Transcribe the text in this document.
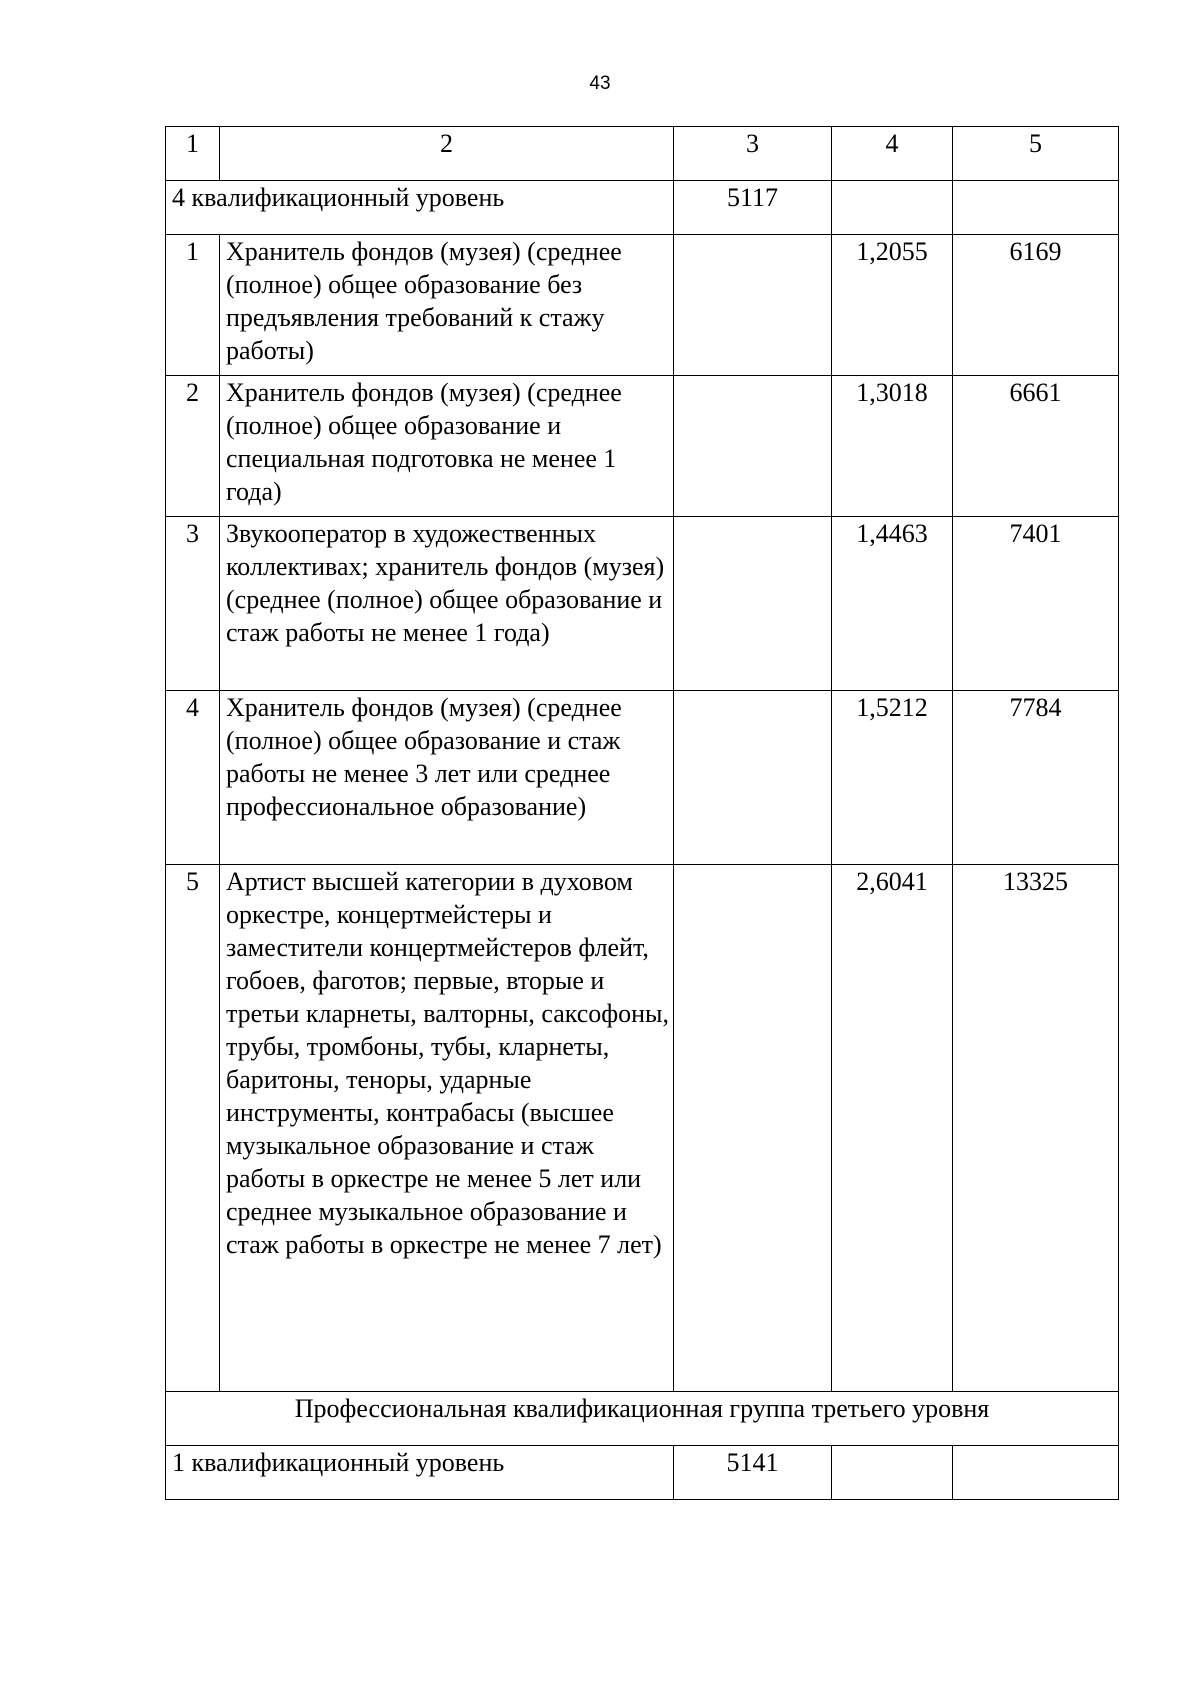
43
1	2	3	4	5
4 квалификационный уровень		5117		
1	Хранитель фондов (музея) (среднее (полное) общее образование без предъявления требований к стажу работы)		1,2055	6169
2	Хранитель фондов (музея) (среднее (полное) общее образование и специальная подготовка не менее 1 года)		1,3018	6661
3	Звукооператор в художественных коллективах; хранитель фондов (музея) (среднее (полное) общее образование и стаж работы не менее 1 года)		1,4463	7401
4	Хранитель фондов (музея) (среднее (полное) общее образование и стаж работы не менее 3 лет или среднее профессиональное образование)		1,5212	7784
5	Артист высшей категории в духовом оркестре, концертмейстеры и заместители концертмейстеров флейт, гобоев, фаготов; первые, вторые и третьи кларнеты, валторны, саксофоны, трубы, тромбоны, тубы, кларнеты, баритоны, теноры, ударные инструменты, контрабасы (высшее музыкальное образование и стаж работы в оркестре не менее 5 лет или среднее музыкальное образование и стаж работы в оркестре не менее 7 лет)		2,6041	13325
Профессиональная квалификационная группа третьего уровня				
1 квалификационный уровень		5141		
